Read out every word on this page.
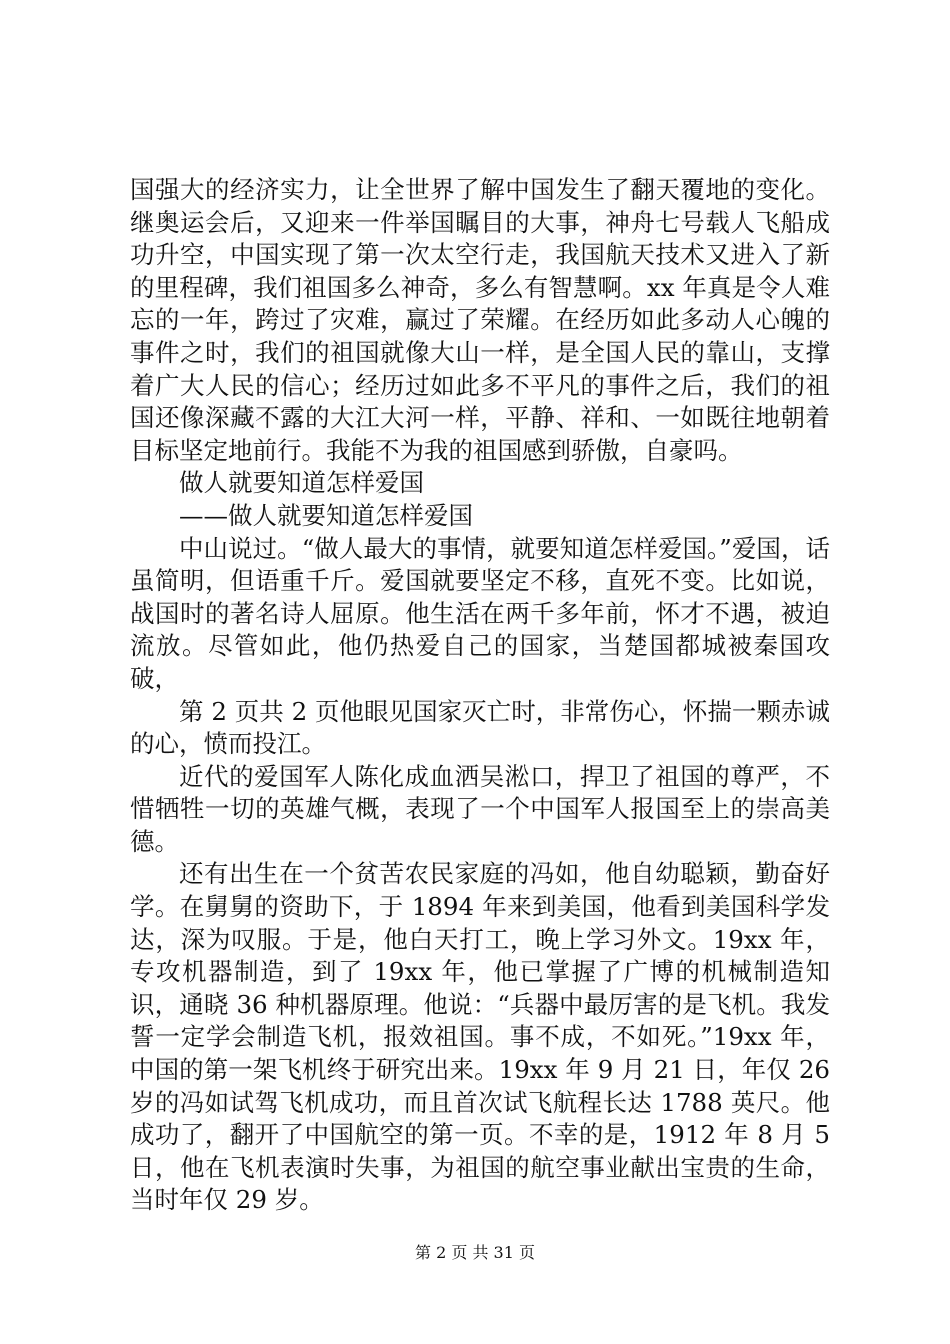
国强大的经济实力，让全世界了解中国发生了翻天覆地的变化。继奥运会后，又迎来一件举国瞩目的大事，神舟七号载人飞船成功升空，中国实现了第一次太空行走，我国航天技术又进入了新的里程碑，我们祖国多么神奇，多么有智慧啊。xx 年真是令人难忘的一年，跨过了灾难，赢过了荣耀。在经历如此多动人心魄的事件之时，我们的祖国就像大山一样，是全国人民的靠山，支撑着广大人民的信心；经历过如此多不平凡的事件之后，我们的祖国还像深藏不露的大江大河一样，平静、祥和、一如既往地朝着目标坚定地前行。我能不为我的祖国感到骄傲，自豪吗。

做人就要知道怎样爱国

——做人就要知道怎样爱国

中山说过。“做人最大的事情，就要知道怎样爱国。”爱国，话虽简明，但语重千斤。爱国就要坚定不移，直死不变。比如说，战国时的著名诗人屈原。他生活在两千多年前，怀才不遇，被迫流放。尽管如此，他仍热爱自己的国家，当楚国都城被秦国攻破，

第 2 页共 2 页他眼见国家灭亡时，非常伤心，怀揣一颗赤诚的心，愤而投江。

近代的爱国军人陈化成血洒吴淞口，捍卫了祖国的尊严，不惜牺牲一切的英雄气概，表现了一个中国军人报国至上的崇高美德。

还有出生在一个贫苦农民家庭的冯如，他自幼聪颖，勤奋好学。在舅舅的资助下，于 1894 年来到美国，他看到美国科学发达，深为叹服。于是，他白天打工，晚上学习外文。19xx 年，专攻机器制造，到了 19xx 年，他已掌握了广博的机械制造知识，通晓 36 种机器原理。他说：“兵器中最厉害的是飞机。我发誓一定学会制造飞机，报效祖国。事不成，不如死。”19xx 年，中国的第一架飞机终于研究出来。19xx 年 9 月 21 日，年仅 26 岁的冯如试驾飞机成功，而且首次试飞航程长达 1788 英尺。他成功了，翻开了中国航空的第一页。不幸的是，1912 年 8 月 5 日，他在飞机表演时失事，为祖国的航空事业献出宝贵的生命，当时年仅 29 岁。

第 2 页 共 31 页
